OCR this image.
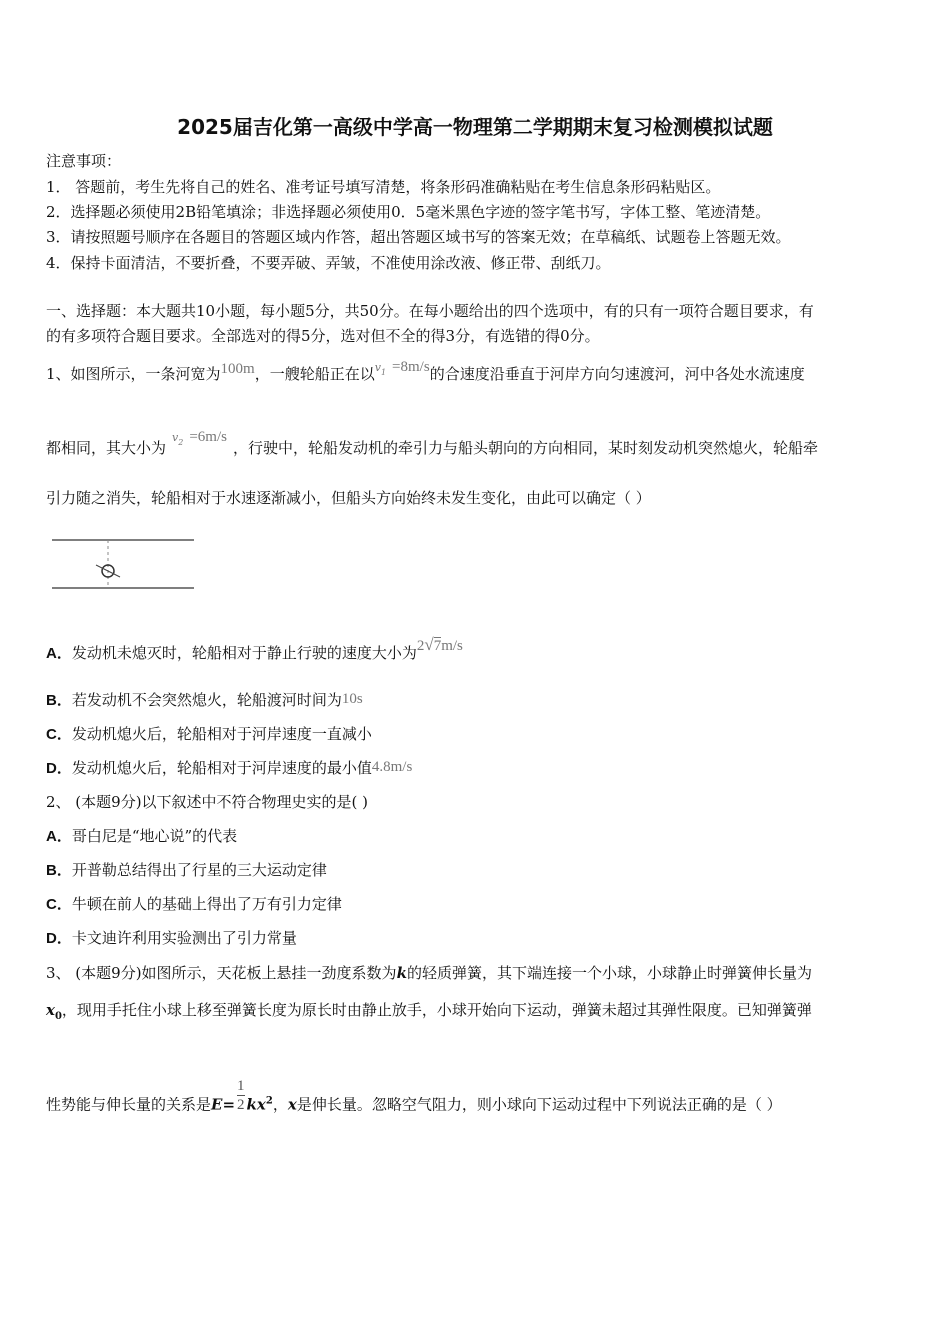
2025届吉化第一高级中学高一物理第二学期期末复习检测模拟试题
注意事项：
1． 答题前，考生先将自己的姓名、准考证号填写清楚，将条形码准确粘贴在考生信息条形码粘贴区。
2．选择题必须使用2B铅笔填涂；非选择题必须使用0．5毫米黑色字迹的签字笔书写，字体工整、笔迹清楚。
3．请按照题号顺序在各题目的答题区域内作答，超出答题区域书写的答案无效；在草稿纸、试题卷上答题无效。
4．保持卡面清洁，不要折叠，不要弄破、弄皱，不准使用涂改液、修正带、刮纸刀。
一、选择题：本大题共10小题，每小题5分，共50分。在每小题给出的四个选项中，有的只有一项符合题目要求，有
的有多项符合题目要求。全部选对的得5分，选对但不全的得3分，有选错的得0分。
1、如图所示，一条河宽为100m，一艘轮船正在以$v_1 =8m/s$的合速度沿垂直于河岸方向匀速渡河，河中各处水流速度
都相同，其大小为$v_2 =6m/s$，行驶中，轮船发动机的牵引力与船头朝向的方向相同，某时刻发动机突然熄火，轮船牵
引力随之消失，轮船相对于水速逐渐减小，但船头方向始终未发生变化，由此可以确定（ ）
A．发动机未熄灭时，轮船相对于静止行驶的速度大小为2√7m/s
B．若发动机不会突然熄火，轮船渡河时间为10s
C．发动机熄火后，轮船相对于河岸速度一直减小
D．发动机熄火后，轮船相对于河岸速度的最小值4.8m/s
2、 (本题9分)以下叙述中不符合物理史实的是( )
A．哥白尼是“地心说”的代表
B．开普勒总结得出了行星的三大运动定律
C．牛顿在前人的基础上得出了万有引力定律
D．卡文迪许利用实验测出了引力常量
3、 (本题9分)如图所示，天花板上悬挂一劲度系数为k的轻质弹簧，其下端连接一个小球，小球静止时弹簧伸长量为
$x_0$，现用手托住小球上移至弹簧长度为原长时由静止放手，小球开始向下运动，弹簧未超过其弹性限度。已知弹簧弹
性势能与伸长量的关系是$E= \frac{1}{2} kx^2$，x是伸长量。忽略空气阻力，则小球向下运动过程中下列说法正确的是（ ）
